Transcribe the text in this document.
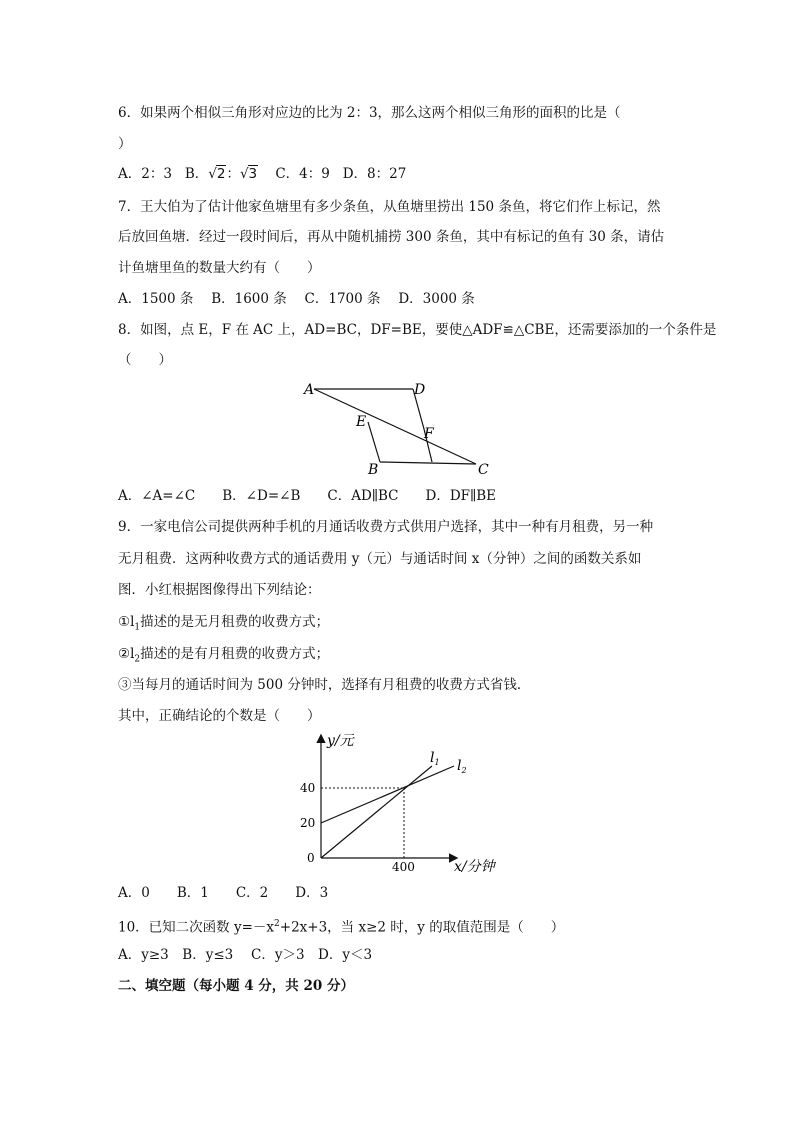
6．如果两个相似三角形对应边的比为 2：3，那么这两个相似三角形的面积的比是（
）
A．2：3 B．√2：√3 C．4：9 D．8：27
7．王大伯为了估计他家鱼塘里有多少条鱼，从鱼塘里捞出 150 条鱼，将它们作上标记，然
后放回鱼塘．经过一段时间后，再从中随机捕捞 300 条鱼，其中有标记的鱼有 30 条，请估
计鱼塘里鱼的数量大约有（　　）
A．1500 条　 B．1600 条　 C．1700 条　 D．3000 条
8．如图，点 E，F 在 AC 上，AD=BC，DF=BE，要使△ADF≌△CBE，还需要添加的一个条件是
（　　）
A	D
E
F
B	C
A．∠A=∠C　　B．∠D=∠B　　C．AD∥BC　　D．DF∥BE
9．一家电信公司提供两种手机的月通话收费方式供用户选择，其中一种有月租费，另一种
无月租费．这两种收费方式的通话费用 y（元）与通话时间 x（分钟）之间的函数关系如
图．小红根据图像得出下列结论：
$①l_1$描述的是无月租费的收费方式；
$②l_2$描述的是有月租费的收费方式；
③当每月的通话时间为 500 分钟时，选择有月租费的收费方式省钱．
其中，正确结论的个数是（　　）
y/元
x/分钟
$l_1$ $l_2$
40
20
0
400
A．0　　B．1　　C．2　　D．3
10．已知二次函数 $y=-x^2+2x+3$，当 x≥2 时，y 的取值范围是（　　）
A．y≥3　B．y≤3　 C．y＞3　D．y＜3
二、填空题（每小题 4 分，共 20 分）
